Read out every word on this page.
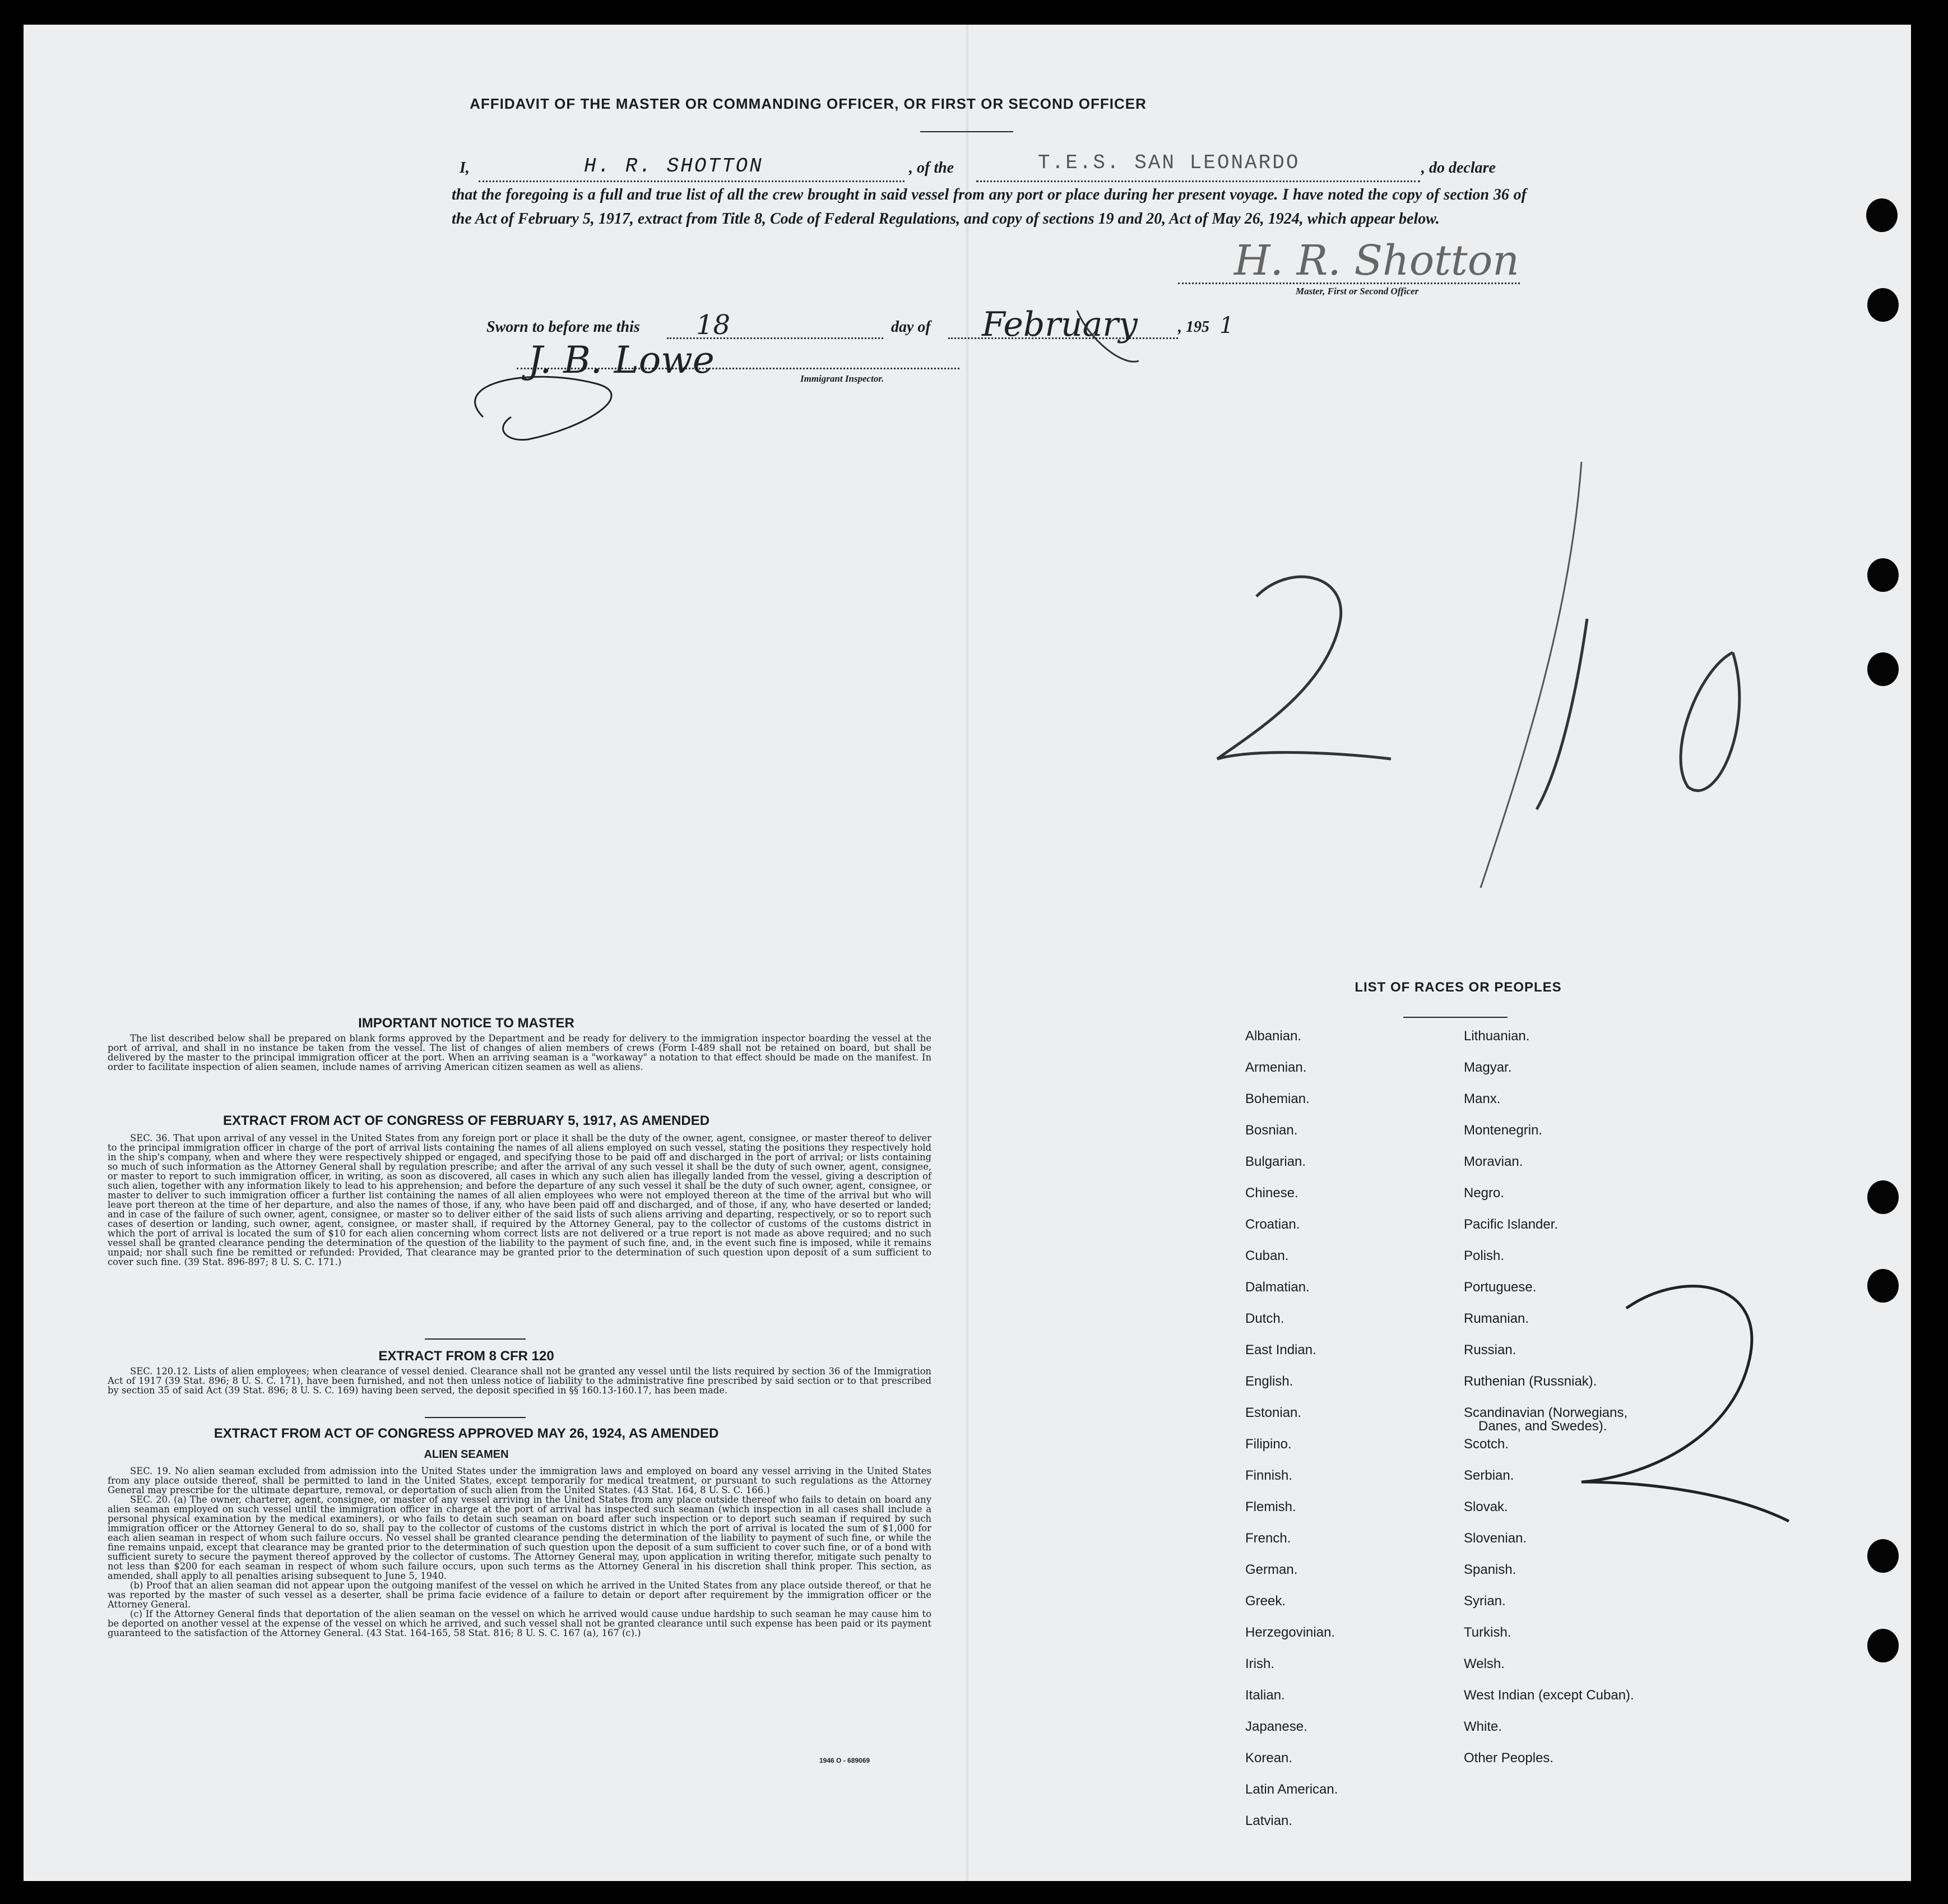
AFFIDAVIT OF THE MASTER OR COMMANDING OFFICER, OR FIRST OR SECOND OFFICER
I,	H. R. SHOTTON	, of the	T.E.S. SAN LEONARDO	, do declare
that the foregoing is a full and true list of all the crew brought in said vessel from any port or place during her present voyage. I have noted the copy of section 36 of the Act of February 5, 1917, extract from Title 8, Code of Federal Regulations, and copy of sections 19 and 20, Act of May 26, 1924, which appear below.
H. R. Shotton
Master, First or Second Officer
Sworn to before me this 18	day of February	, 195 1
J. B. Lowe	Immigrant Inspector.
IMPORTANT NOTICE TO MASTER

The list described below shall be prepared on blank forms approved by the Department and be ready for delivery to the immigration inspector boarding the vessel at the port of arrival, and shall in no instance be taken from the vessel. The list of changes of alien members of crews (Form I-489 shall not be retained on board, but shall be delivered by the master to the principal immigration officer at the port. When an arriving seaman is a "workaway" a notation to that effect should be made on the manifest. In order to facilitate inspection of alien seamen, include names of arriving American citizen seamen as well as aliens.

EXTRACT FROM ACT OF CONGRESS OF FEBRUARY 5, 1917, AS AMENDED

SEC. 36. That upon arrival of any vessel in the United States from any foreign port or place it shall be the duty of the owner, agent, consignee, or master thereof to deliver to the principal immigration officer in charge of the port of arrival lists containing the names of all aliens employed on such vessel, stating the positions they respectively hold in the ship's company, when and where they were respectively shipped or engaged, and specifying those to be paid off and discharged in the port of arrival; or lists containing so much of such information as the Attorney General shall by regulation prescribe; and after the arrival of any such vessel it shall be the duty of such owner, agent, consignee, or master to report to such immigration officer, in writing, as soon as discovered, all cases in which any such alien has illegally landed from the vessel, giving a description of such alien, together with any information likely to lead to his apprehension; and before the departure of any such vessel it shall be the duty of such owner, agent, consignee, or master to deliver to such immigration officer a further list containing the names of all alien employees who were not employed thereon at the time of the arrival but who will leave port thereon at the time of her departure, and also the names of those, if any, who have been paid off and discharged, and of those, if any, who have deserted or landed; and in case of the failure of such owner, agent, consignee, or master so to deliver either of the said lists of such aliens arriving and departing, respectively, or so to report such cases of desertion or landing, such owner, agent, consignee, or master shall, if required by the Attorney General, pay to the collector of customs of the customs district in which the port of arrival is located the sum of $10 for each alien concerning whom correct lists are not delivered or a true report is not made as above required; and no such vessel shall be granted clearance pending the determination of the question of the liability to the payment of such fine, and, in the event such fine is imposed, while it remains unpaid; nor shall such fine be remitted or refunded: Provided, That clearance may be granted prior to the determination of such question upon deposit of a sum sufficient to cover such fine. (39 Stat. 896-897; 8 U. S. C. 171.)

EXTRACT FROM 8 CFR 120

SEC. 120.12. Lists of alien employees; when clearance of vessel denied. Clearance shall not be granted any vessel until the lists required by section 36 of the Immigration Act of 1917 (39 Stat. 896; 8 U. S. C. 171), have been furnished, and not then unless notice of liability to the administrative fine prescribed by said section or to that prescribed by section 35 of said Act (39 Stat. 896; 8 U. S. C. 169) having been served, the deposit specified in §§ 160.13-160.17, has been made.

EXTRACT FROM ACT OF CONGRESS APPROVED MAY 26, 1924, AS AMENDED
ALIEN SEAMEN

SEC. 19. No alien seaman excluded from admission into the United States under the immigration laws and employed on board any vessel arriving in the United States from any place outside thereof, shall be permitted to land in the United States, except temporarily for medical treatment, or pursuant to such regulations as the Attorney General may prescribe for the ultimate departure, removal, or deportation of such alien from the United States. (43 Stat. 164, 8 U. S. C. 166.)

SEC. 20. (a) The owner, charterer, agent, consignee, or master of any vessel arriving in the United States from any place outside thereof who fails to detain on board any alien seaman employed on such vessel until the immigration officer in charge at the port of arrival has inspected such seaman (which inspection in all cases shall include a personal physical examination by the medical examiners), or who fails to detain such seaman on board after such inspection or to deport such seaman if required by such immigration officer or the Attorney General to do so, shall pay to the collector of customs of the customs district in which the port of arrival is located the sum of $1,000 for each alien seaman in respect of whom such failure occurs. No vessel shall be granted clearance pending the determination of the liability to payment of such fine, or while the fine remains unpaid, except that clearance may be granted prior to the determination of such question upon the deposit of a sum sufficient to cover such fine, or of a bond with sufficient surety to secure the payment thereof approved by the collector of customs. The Attorney General may, upon application in writing therefor, mitigate such penalty to not less than $200 for each seaman in respect of whom such failure occurs, upon such terms as the Attorney General in his discretion shall think proper. This section, as amended, shall apply to all penalties arising subsequent to June 5, 1940.

(b) Proof that an alien seaman did not appear upon the outgoing manifest of the vessel on which he arrived in the United States from any place outside thereof, or that he was reported by the master of such vessel as a deserter, shall be prima facie evidence of a failure to detain or deport after requirement by the immigration officer or the Attorney General.

(c) If the Attorney General finds that deportation of the alien seaman on the vessel on which he arrived would cause undue hardship to such seaman he may cause him to be deported on another vessel at the expense of the vessel on which he arrived, and such vessel shall not be granted clearance until such expense has been paid or its payment guaranteed to the satisfaction of the Attorney General. (43 Stat. 164-165, 58 Stat. 816; 8 U. S. C. 167 (a), 167 (c).)

1946 O - 689069
LIST OF RACES OR PEOPLES
Albanian.
Armenian.
Bohemian.
Bosnian.
Bulgarian.
Chinese.
Croatian.
Cuban.
Dalmatian.
Dutch.
East Indian.
English.
Estonian.
Filipino.
Finnish.
Flemish.
French.
German.
Greek.
Herzegovinian.
Irish.
Italian.
Japanese.
Korean.
Latin American.
Latvian.
Lithuanian.
Magyar.
Manx.
Montenegrin.
Moravian.
Negro.
Pacific Islander.
Polish.
Portuguese.
Rumanian.
Russian.
Ruthenian (Russniak).
Scandinavian (Norwegians,
Danes, and Swedes).
Scotch.
Serbian.
Slovak.
Slovenian.
Spanish.
Syrian.
Turkish.
Welsh.
West Indian (except Cuban).
White.
Other Peoples.
